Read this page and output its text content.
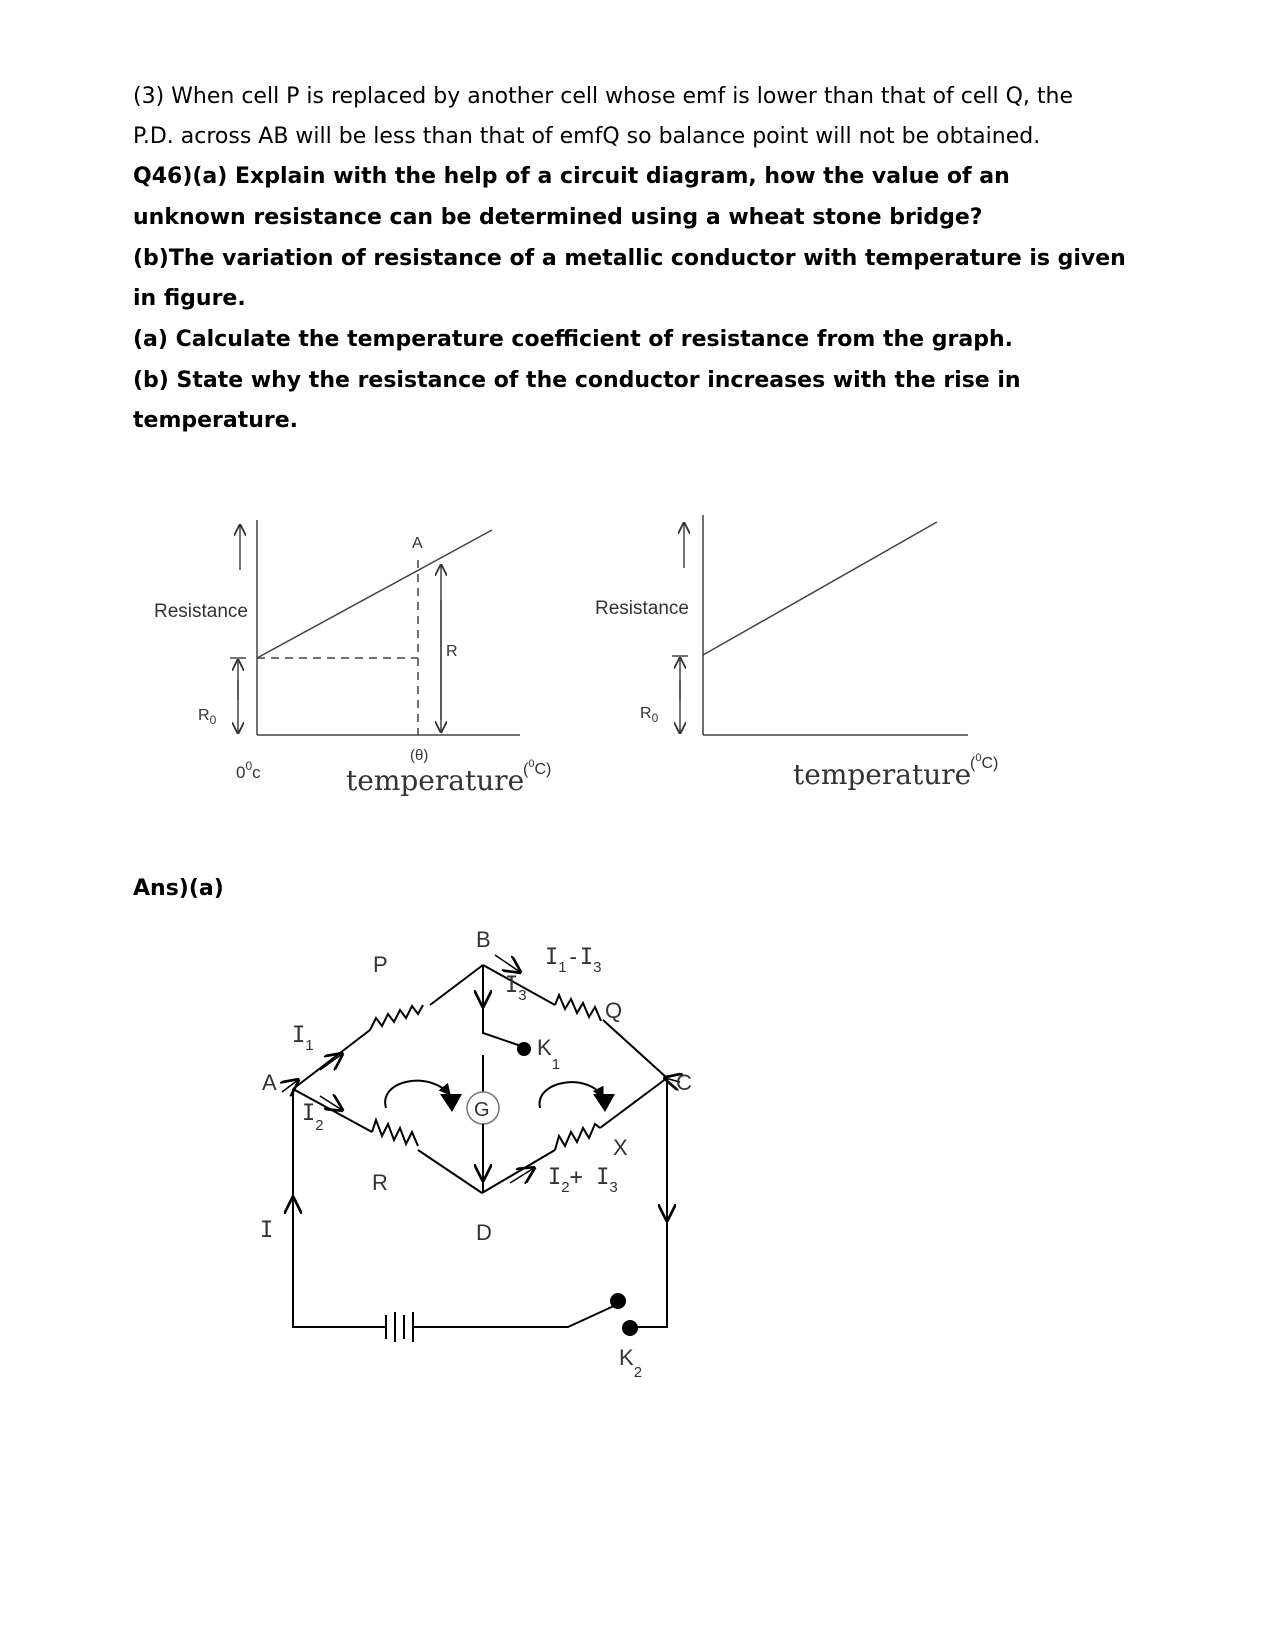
(3) When cell P is replaced by another cell whose emf is lower than that of cell Q, the
P.D. across AB will be less than that of emfQ so balance point will not be obtained.
Q46)(a) Explain with the help of a circuit diagram, how the value of an
unknown resistance can be determined using a wheat stone bridge?
(b)The variation of resistance of a metallic conductor with temperature is given
in figure.
(a) Calculate the temperature coefficient of resistance from the graph.
(b) State why the resistance of the conductor increases with the rise in
temperature.
Ans)(a)
Resistance
A
R
$R_0$
$0^0c$
(θ)
temperature
($^0$C)
Resistance
$R_0$
temperature
($^0$C)
B
A	C
D
P
Q
R
X
G
I
$I_1$
$I_2$
$I_3$
$I_1-I_3$
$I_2+ I_3$
$K_1$
$K_2$
